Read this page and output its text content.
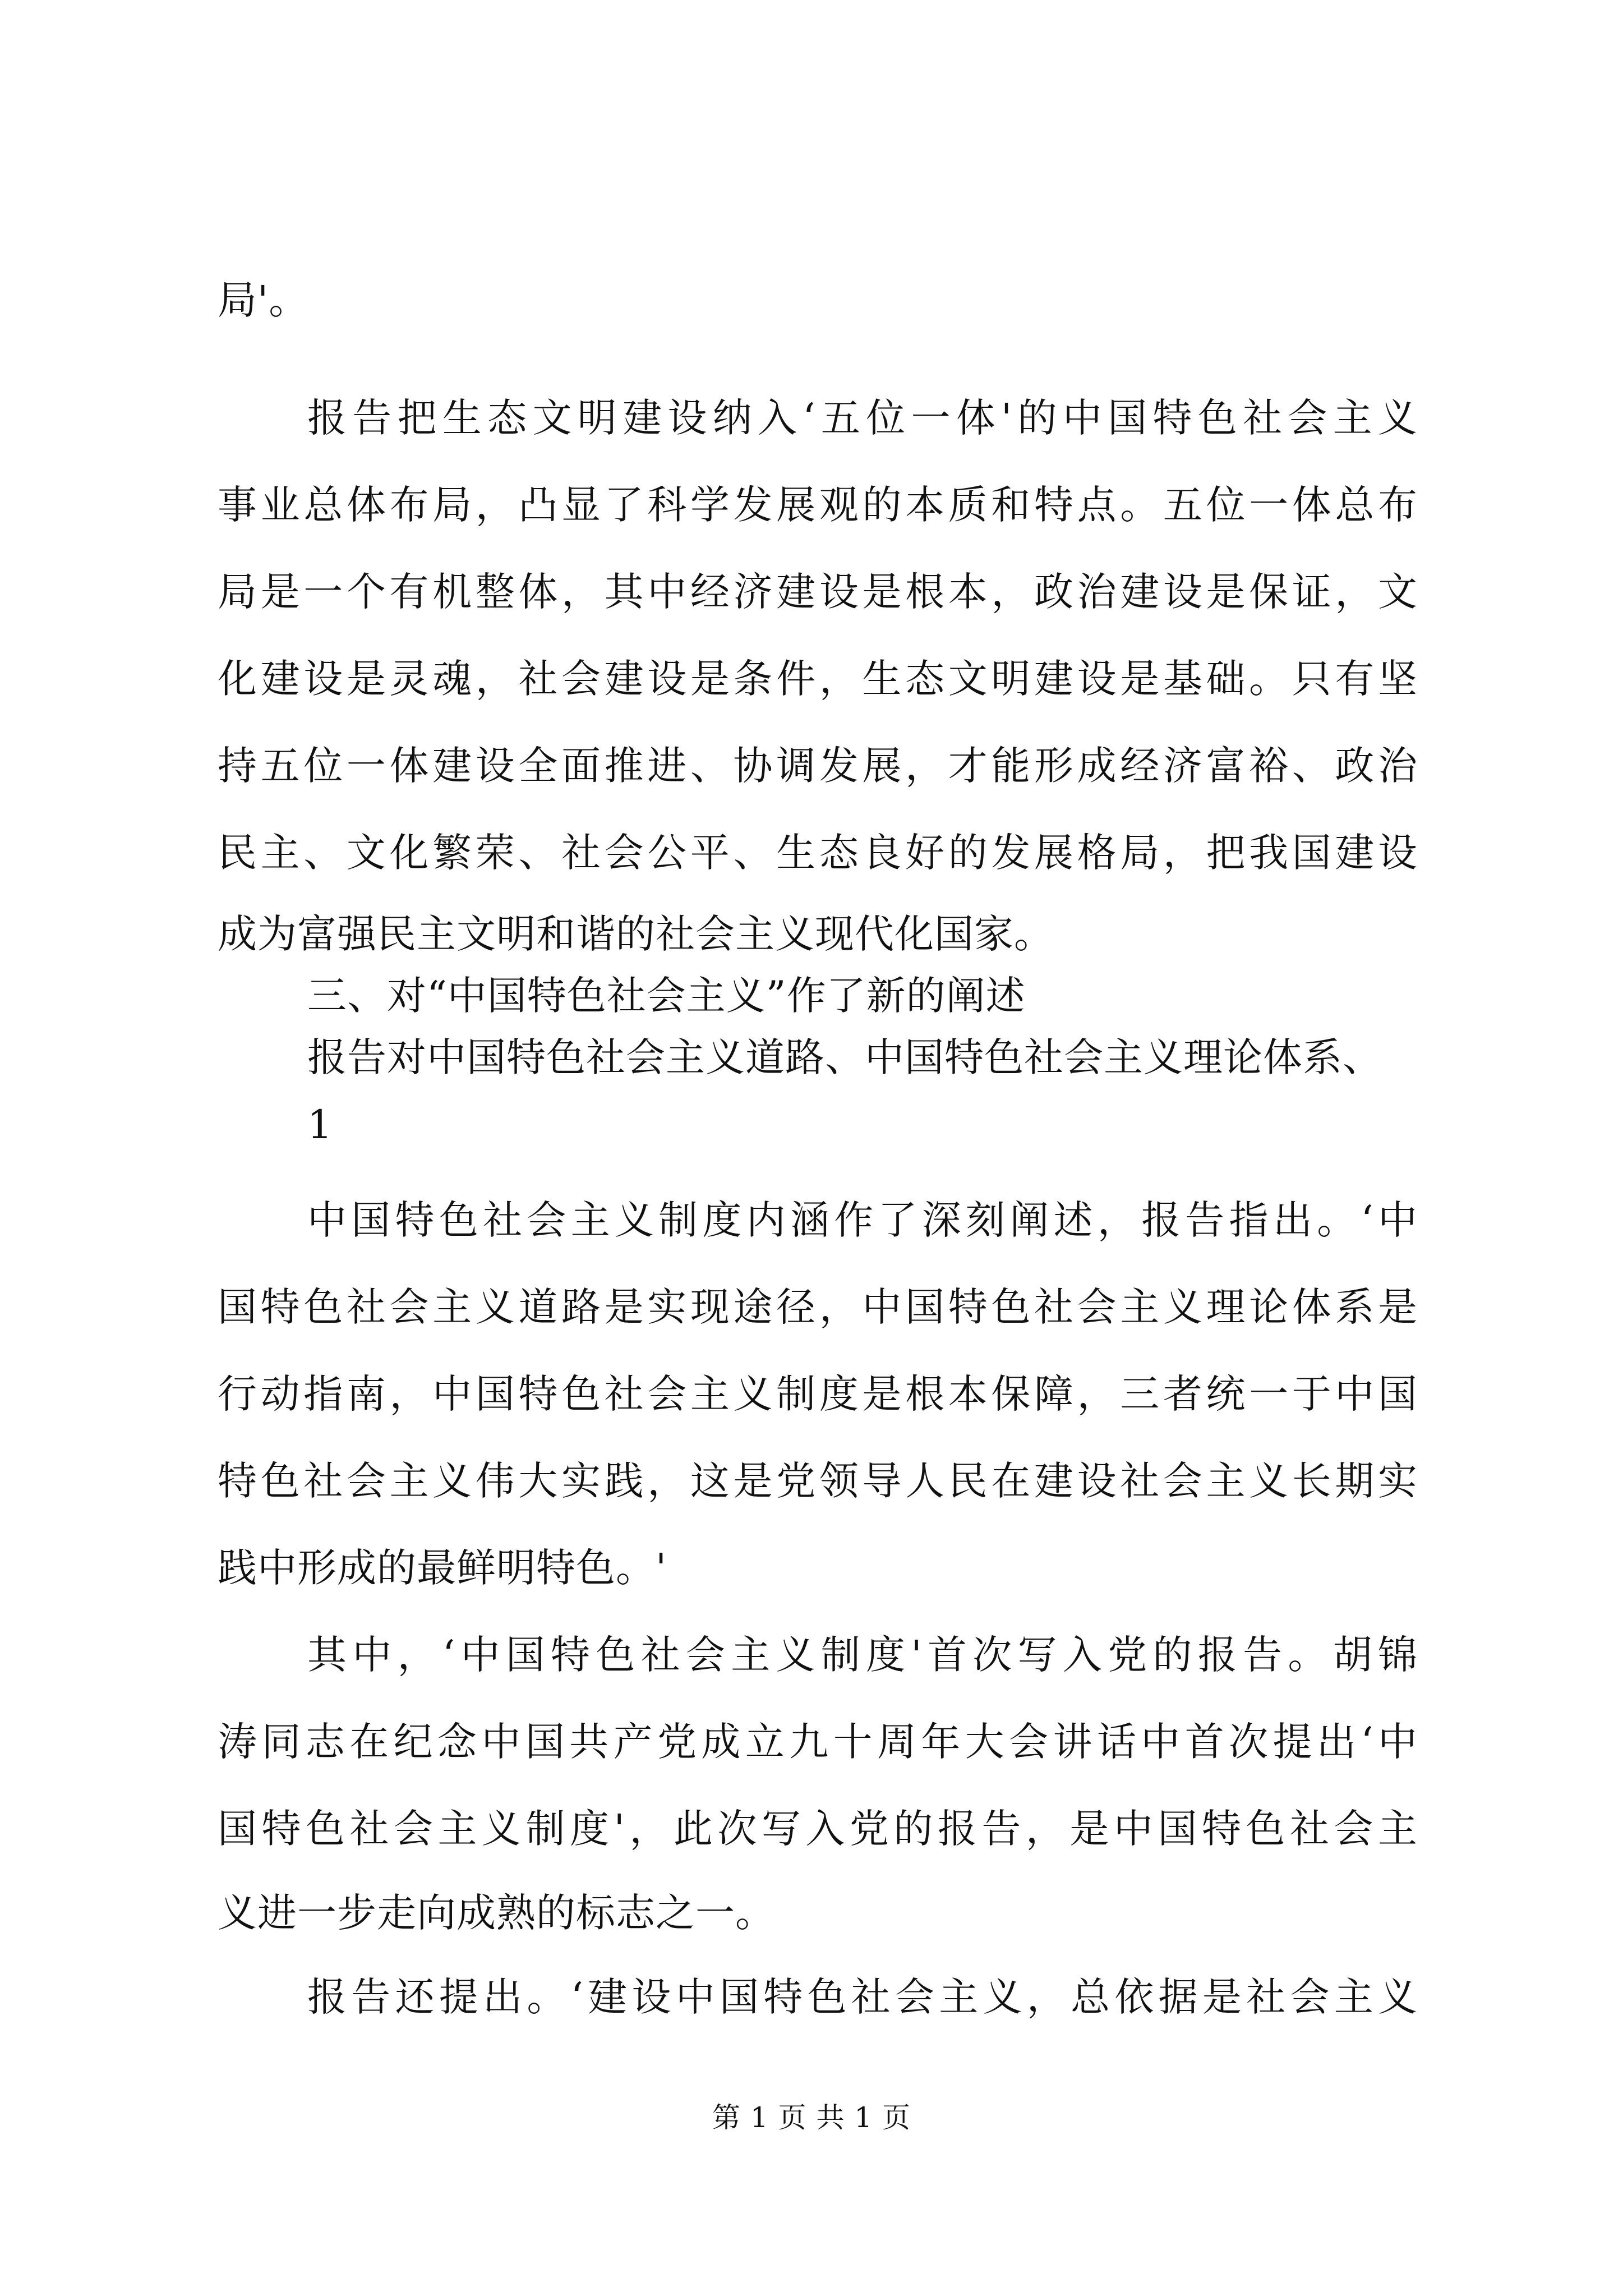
局'。
报告把生态文明建设纳入‘五位一体'的中国特色社会主义
事业总体布局，凸显了科学发展观的本质和特点。五位一体总布
局是一个有机整体，其中经济建设是根本，政治建设是保证，文
化建设是灵魂，社会建设是条件，生态文明建设是基础。只有坚
持五位一体建设全面推进、协调发展，才能形成经济富裕、政治
民主、文化繁荣、社会公平、生态良好的发展格局，把我国建设
成为富强民主文明和谐的社会主义现代化国家。
三、对“中国特色社会主义”作了新的阐述
报告对中国特色社会主义道路、中国特色社会主义理论体系、
1
中国特色社会主义制度内涵作了深刻阐述，报告指出。‘中
国特色社会主义道路是实现途径，中国特色社会主义理论体系是
行动指南，中国特色社会主义制度是根本保障，三者统一于中国
特色社会主义伟大实践，这是党领导人民在建设社会主义长期实
践中形成的最鲜明特色。'
其中，‘中国特色社会主义制度'首次写入党的报告。胡锦
涛同志在纪念中国共产党成立九十周年大会讲话中首次提出‘中
国特色社会主义制度'，此次写入党的报告，是中国特色社会主
义进一步走向成熟的标志之一。
报告还提出。‘建设中国特色社会主义，总依据是社会主义
第 1 页 共 1 页
